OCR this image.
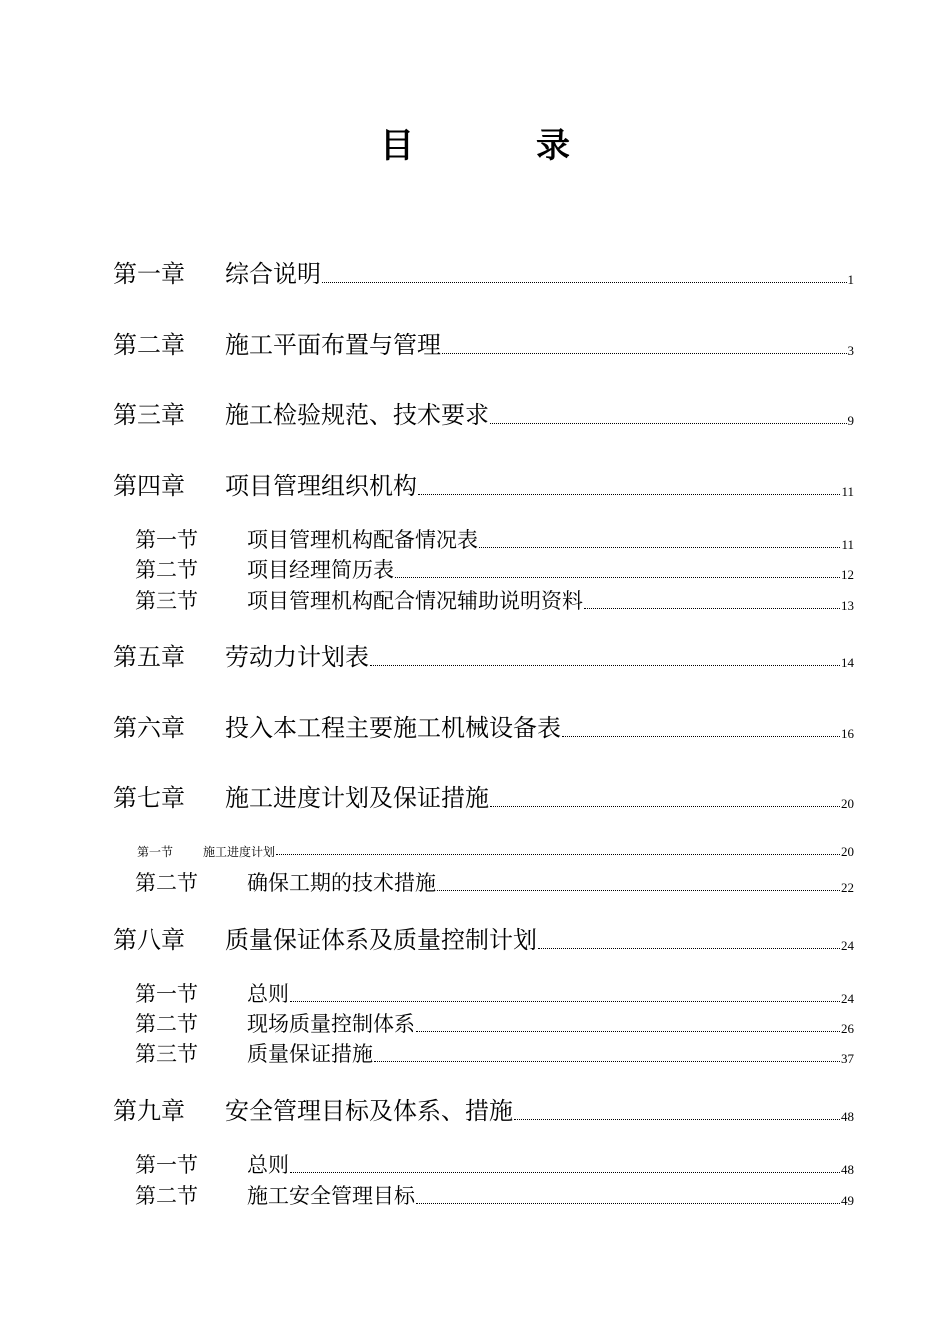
目　录
第一章 综合说明	1
第二章 施工平面布置与管理	3
第三章 施工检验规范、技术要求	9
第四章 项目管理组织机构	11
第一节 项目管理机构配备情况表	11
第二节 项目经理简历表	12
第三节 项目管理机构配合情况辅助说明资料	13
第五章 劳动力计划表	14
第六章 投入本工程主要施工机械设备表	16
第七章 施工进度计划及保证措施	20
第一节 施工进度计划	20
第二节 确保工期的技术措施	22
第八章 质量保证体系及质量控制计划	24
第一节 总则	24
第二节 现场质量控制体系	26
第三节 质量保证措施	37
第九章 安全管理目标及体系、措施	48
第一节 总则	48
第二节 施工安全管理目标	49
